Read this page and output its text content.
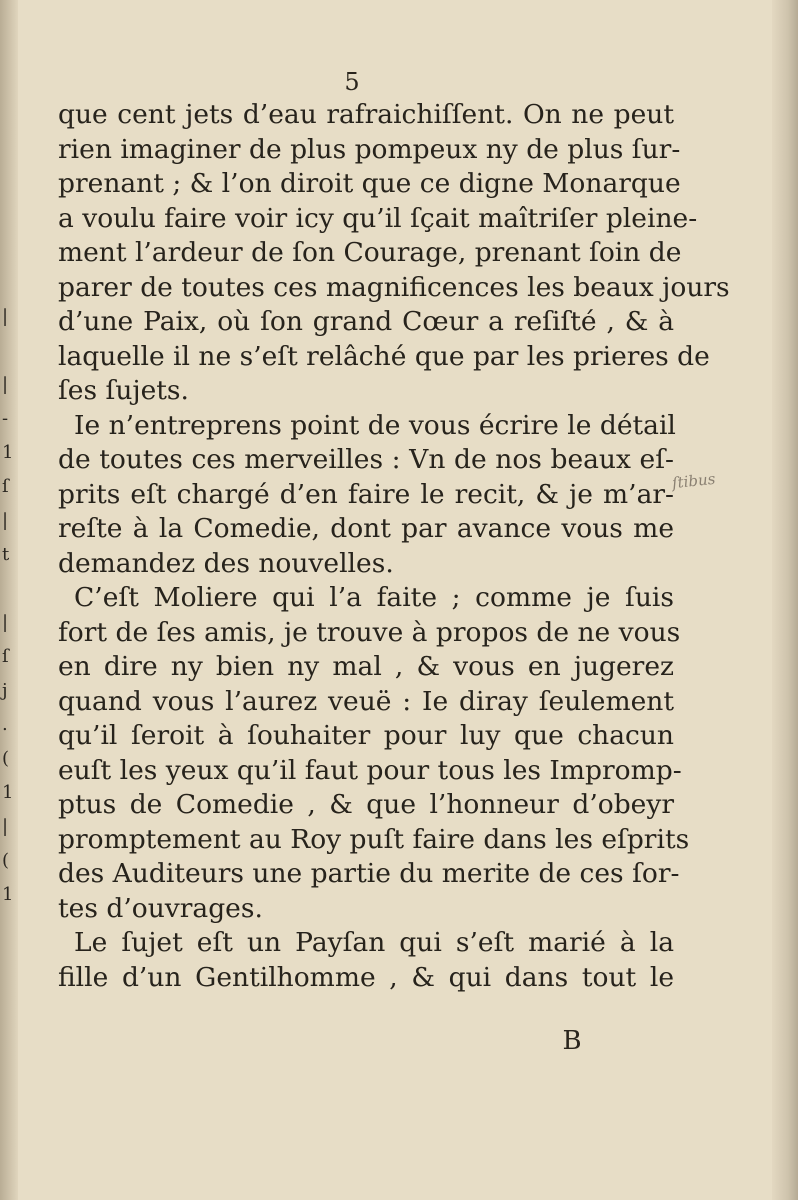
|

|
-
1
ſ
|
t

|
ſ
j
.
(
1
|
(
1
5
que cent jets d’eau rafraichiſſent. On ne peut
rien imaginer de plus pompeux ny de plus ſur-
prenant ; & l’on diroit que ce digne Monarque
a voulu faire voir icy qu’il ſçait maîtriſer pleine-
ment l’ardeur de ſon Courage, prenant ſoin de
parer de toutes ces magnificences les beaux jours
d’une Paix, où ſon grand Cœur a reſiſté , & à
laquelle il ne s’eſt relâché que par les prieres de
ſes ſujets.
Ie n’entreprens point de vous écrire le détail
de toutes ces merveilles : Vn de nos beaux eſ-
prits eſt chargé d’en faire le recit, & je m’ar-
reſte à la Comedie, dont par avance vous me
demandez des nouvelles.
C’eſt Moliere qui l’a faite ; comme je ſuis
fort de ſes amis, je trouve à propos de ne vous
en dire ny bien ny mal , & vous en jugerez
quand vous l’aurez veuë : Ie diray ſeulement
qu’il ſeroit à ſouhaiter pour luy que chacun
euſt les yeux qu’il faut pour tous les Impromp-
ptus de Comedie , & que l’honneur d’obeyr
promptement au Roy puſt faire dans les eſprits
des Auditeurs une partie du merite de ces ſor-
tes d’ouvrages.
Le ſujet eſt un Payſan qui s’eſt marié à la
fille d’un Gentilhomme , & qui dans tout le
ſtibus
B
